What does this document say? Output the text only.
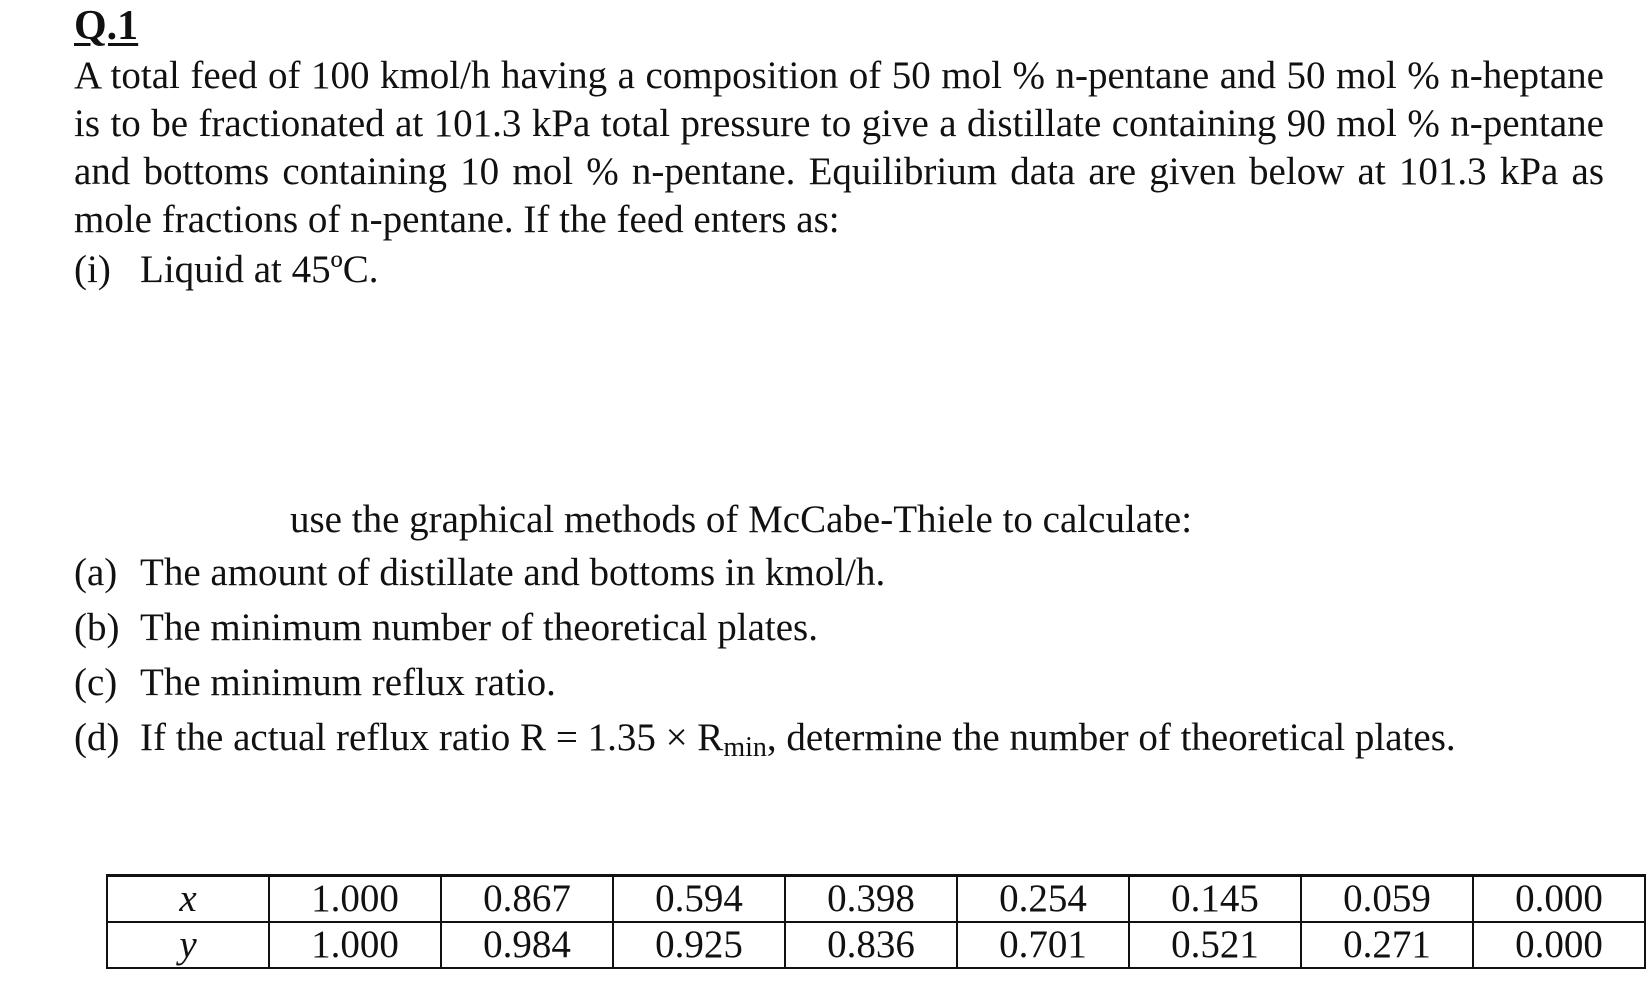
Q.1

A total feed of 100 kmol/h having a composition of 50 mol % n-pentane and 50 mol % n-heptane is to be fractionated at 101.3 kPa total pressure to give a distillate containing 90 mol % n-pentane and bottoms containing 10 mol % n-pentane. Equilibrium data are given below at 101.3 kPa as mole fractions of n-pentane. If the feed enters as:

(i) Liquid at 45ºC.
use the graphical methods of McCabe-Thiele to calculate:
(a) The amount of distillate and bottoms in kmol/h.
(b) The minimum number of theoretical plates.
(c) The minimum reflux ratio.
(d) If the actual reflux ratio $R = 1.35 \times R_{min}$, determine the number of theoretical plates.
x	1.000	0.867	0.594	0.398	0.254	0.145	0.059	0.000
y	1.000	0.984	0.925	0.836	0.701	0.521	0.271	0.000
